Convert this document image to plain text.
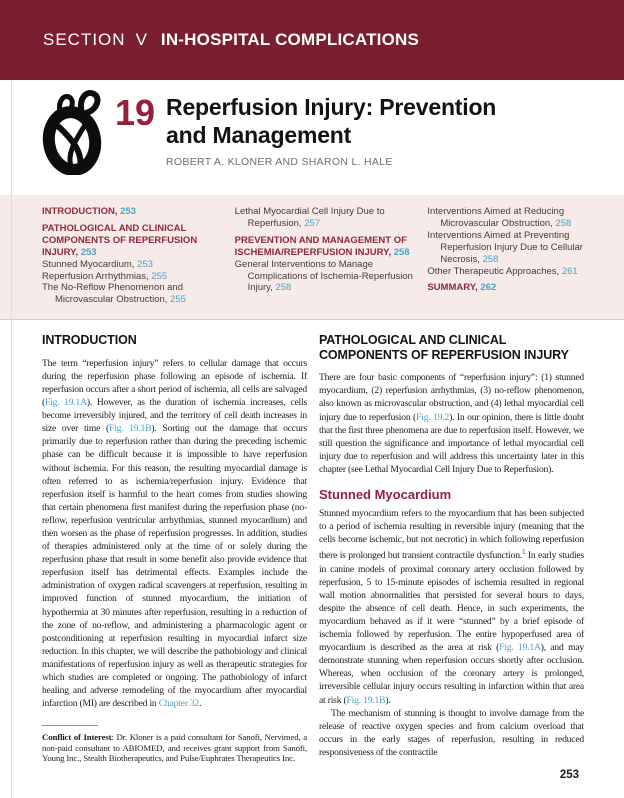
SECTION V IN-HOSPITAL COMPLICATIONS
19 Reperfusion Injury: Prevention
and Management
ROBERT A. KLONER AND SHARON L. HALE
INTRODUCTION, 253
PATHOLOGICAL AND CLINICAL COMPONENTS OF REPERFUSION INJURY, 253
Stunned Myocardium, 253
Reperfusion Arrhythmias, 255
The No-Reflow Phenomenon and Microvascular Obstruction, 255
Lethal Myocardial Cell Injury Due to Reperfusion, 257
PREVENTION AND MANAGEMENT OF ISCHEMIA/REPERFUSION INJURY, 258
General Interventions to Manage Complications of Ischemia-Reperfusion Injury, 258
Interventions Aimed at Reducing Microvascular Obstruction, 258
Interventions Aimed at Preventing Reperfusion Injury Due to Cellular Necrosis, 258
Other Therapeutic Approaches, 261
SUMMARY, 262
INTRODUCTION

The term “reperfusion injury” refers to cellular damage that occurs during the reperfusion phase following an episode of ischemia. If reperfusion occurs after a short period of ischemia, all cells are salvaged (Fig. 19.1A). However, as the duration of ischemia increases, cells become irreversibly injured, and the territory of cell death increases in size over time (Fig. 19.1B). Sorting out the damage that occurs primarily due to reperfusion rather than during the preceding ischemic phase can be difficult because it is impossible to have reperfusion without ischemia. For this reason, the resulting myocardial damage is often referred to as ischemia/reperfusion injury. Evidence that reperfusion itself is harmful to the heart comes from studies showing that certain phenomena first manifest during the reperfusion phase (no-reflow, reperfusion ventricular arrhythmias, stunned myocardium) and then worsen as the phase of reperfusion progresses. In addition, studies of therapies administered only at the time of or solely during the reperfusion phase that result in some benefit also provide evidence that reperfusion itself has detrimental effects. Examples include the administration of oxygen radical scavengers at reperfusion, resulting in improved function of stunned myocardium, the initiation of hypothermia at 30 minutes after reperfusion, resulting in a reduction of the zone of no-reflow, and administering a pharmacologic agent or postconditioning at reperfusion resulting in myocardial infarct size reduction. In this chapter, we will describe the pathobiology and clinical manifestations of reperfusion injury as well as therapeutic strategies for which studies are completed or ongoing. The pathobiology of infarct healing and adverse remodeling of the myocardium after myocardial infarction (MI) are described in Chapter 32.

Conflict of Interest: Dr. Kloner is a paid consultant for Sanofi, Nervimed, a non-paid consultant to ABIOMED, and receives grant support from Sanofi, Young Inc., Stealth Biotherapeutics, and Pulse/Euphrates Therapeutics Inc.
PATHOLOGICAL AND CLINICAL COMPONENTS OF REPERFUSION INJURY

There are four basic components of “reperfusion injury”: (1) stunned myocardium, (2) reperfusion arrhythmias, (3) no-reflow phenomenon, also known as microvascular obstruction, and (4) lethal myocardial cell injury due to reperfusion (Fig. 19.2). In our opinion, there is little doubt that the first three phenomena are due to reperfusion itself. However, we still question the significance and importance of lethal myocardial cell injury due to reperfusion and will address this uncertainty later in this chapter (see Lethal Myocardial Cell Injury Due to Reperfusion).

Stunned Myocardium

Stunned myocardium refers to the myocardium that has been subjected to a period of ischemia resulting in reversible injury (meaning that the cells become ischemic, but not necrotic) in which following reperfusion there is prolonged but transient contractile dysfunction.$^1$ In early studies in canine models of proximal coronary artery occlusion followed by reperfusion, 5 to 15-minute episodes of ischemia resulted in regional wall motion abnormalities that persisted for several hours to days, despite the absence of cell death. Hence, in such experiments, the myocardium behaved as if it were “stunned” by a brief episode of ischemia followed by reperfusion. The entire hypoperfused area of myocardium is described as the area at risk (Fig. 19.1A), and may demonstrate stunning when reperfusion occurs shortly after occlusion. Whereas, when occlusion of the coronary artery is prolonged, irreversible cellular injury occurs resulting in infarction within that area at risk (Fig. 19.1B).

The mechanism of stunning is thought to involve damage from the release of reactive oxygen species and from calcium overload that occurs in the early stages of reperfusion, resulting in reduced responsiveness of the contractile

253
